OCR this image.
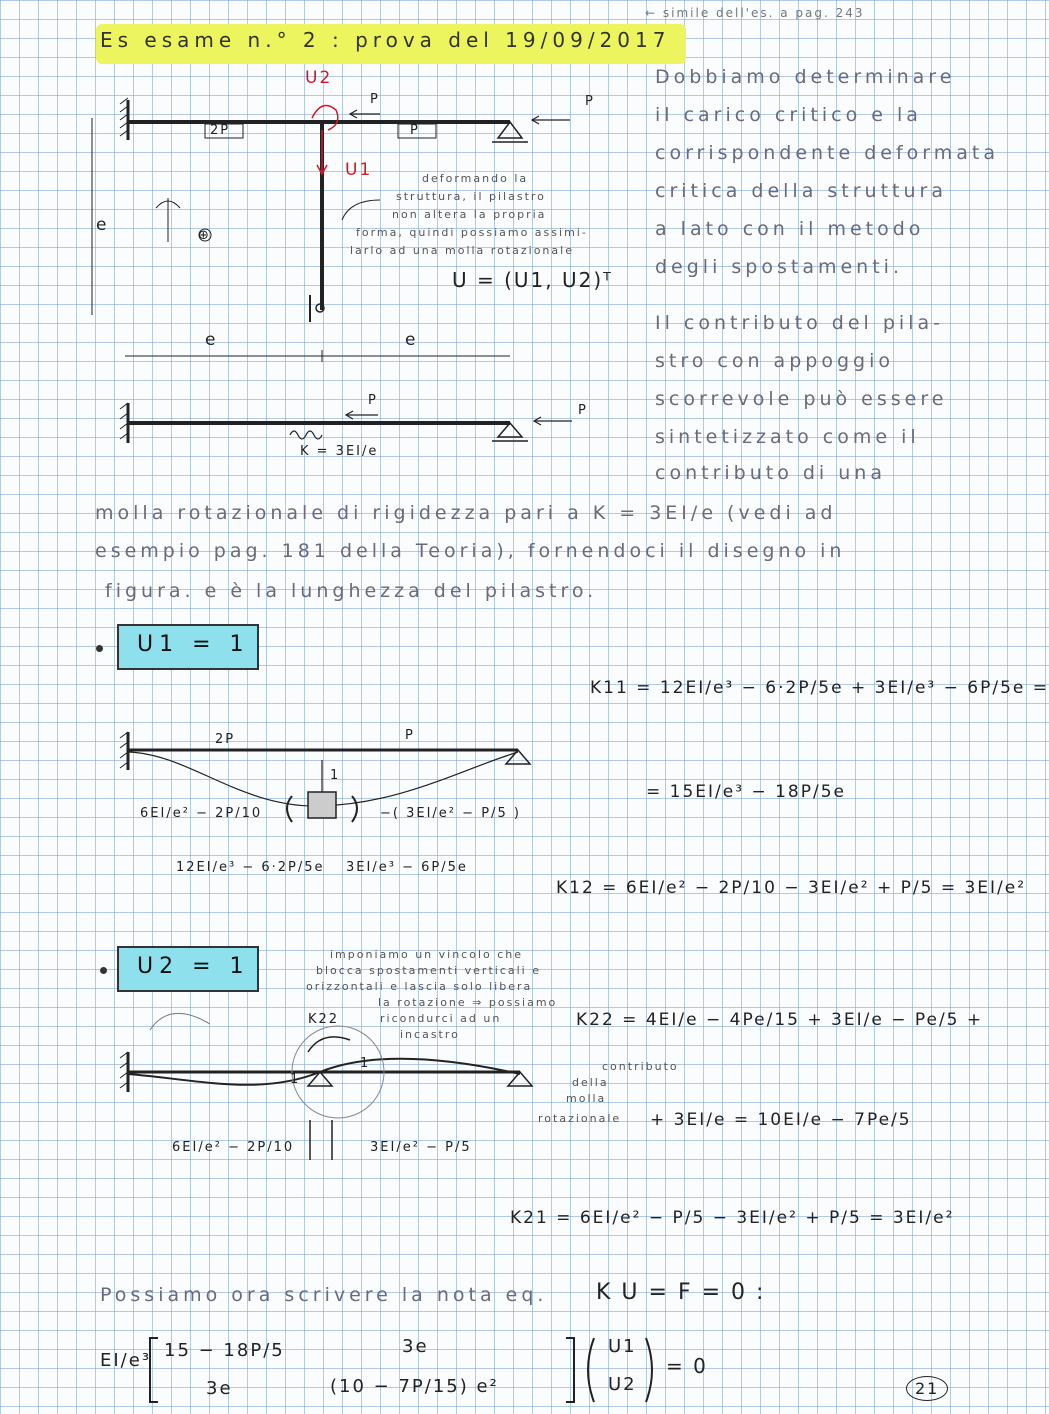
Es esame n.° 2 : prova del 19/09/2017
← simile dell'es. a pag. 243
Dobbiamo determinare
il carico critico e la
corrispondente deformata
critica della struttura
a lato con il metodo
degli spostamenti.
Il contributo del pila-
stro con appoggio
scorrevole può essere
sintetizzato come il
contributo di una
molla rotazionale di rigidezza pari a K = 3EI/e (vedi ad
esempio pag. 181 della Teoria), fornendoci il disegno in
figura. e è la lunghezza del pilastro.
2P	P
P	P
U2
U1
e
e	e
⊕
deformando la
struttura, il pilastro
non altera la propria
forma, quindi possiamo assimi-
larlo ad una molla rotazionale
U = (U1, U2)ᵀ
P
P
K = 3EI/e
U1 = 1
K11 = 12EI/e³ − 6·2P/5e + 3EI/e³ − 6P/5e =
= 15EI/e³ − 18P/5e
2P	P
1
6EI/e² − 2P/10	−( 3EI/e² − P/5 )
12EI/e³ − 6·2P/5e 3EI/e³ − 6P/5e
K12 = 6EI/e² − 2P/10 − 3EI/e² + P/5 = 3EI/e²
U2 = 1	imponiamo un vincolo che
blocca spostamenti verticali e
orizzontali e lascia solo libera
la rotazione ⇒ possiamo
ricondurci ad un
incastro
K22
1
1
K22 = 4EI/e − 4Pe/15 + 3EI/e − Pe/5 +
contributo
della
molla
rotazionale + 3EI/e = 10EI/e − 7Pe/5
6EI/e² − 2P/10	3EI/e² − P/5
K21 = 6EI/e² − P/5 − 3EI/e² + P/5 = 3EI/e²
Possiamo ora scrivere la nota eq. K U = F = 0 :
EI/e³ 15 − 18P/5	3e
3e	(10 − 7P/15) e²
U1
U2
= 0
21
